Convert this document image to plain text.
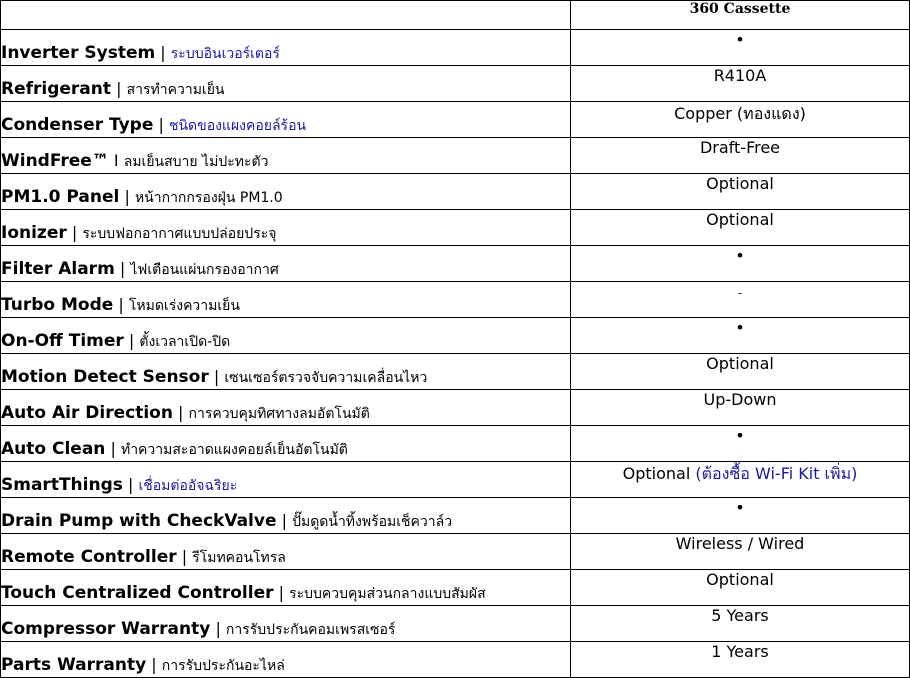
	360 Cassette
Inverter System | ระบบอินเวอร์เตอร์	•
Refrigerant | สารทำความเย็น	R410A
Condenser Type | ชนิดของแผงคอยล์ร้อน	Copper (ทองแดง)
WindFree™ I ลมเย็นสบาย ไม่ปะทะตัว	Draft-Free
PM1.0 Panel | หน้ากากกรองฝุ่น PM1.0	Optional
Ionizer | ระบบฟอกอากาศแบบปล่อยประจุ	Optional
Filter Alarm | ไฟเตือนแผ่นกรองอากาศ	•
Turbo Mode | โหมดเร่งความเย็น	-
On-Off Timer | ตั้งเวลาเปิด-ปิด	•
Motion Detect Sensor | เซนเซอร์ตรวจจับความเคลื่อนไหว	Optional
Auto Air Direction | การควบคุมทิศทางลมอัตโนมัติ	Up-Down
Auto Clean | ทำความสะอาดแผงคอยล์เย็นอัตโนมัติ	•
SmartThings | เชื่อมต่ออัจฉริยะ	Optional (ต้องซื้อ Wi-Fi Kit เพิ่ม)
Drain Pump with CheckValve | ปั๊มดูดน้ำทิ้งพร้อมเช็ควาล์ว	•
Remote Controller | รีโมทคอนโทรล	Wireless / Wired
Touch Centralized Controller | ระบบควบคุมส่วนกลางแบบสัมผัส	Optional
Compressor Warranty | การรับประกันคอมเพรสเซอร์	5 Years
Parts Warranty | การรับประกันอะไหล่	1 Years
